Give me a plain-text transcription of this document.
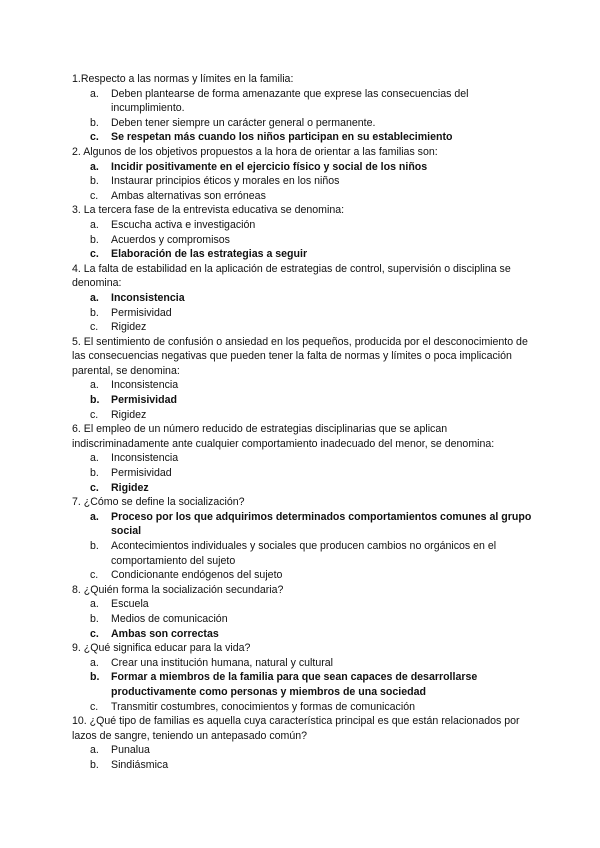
1.Respecto a las normas y límites en la familia:

a. Deben plantearse de forma amenazante que exprese las consecuencias del incumplimiento.
b. Deben tener siempre un carácter general o permanente.
c. Se respetan más cuando los niños participan en su establecimiento

2. Algunos de los objetivos propuestos a la hora de orientar a las familias son:

a. Incidir positivamente en el ejercicio físico y social de los niños
b. Instaurar principios éticos y morales en los niños
c. Ambas alternativas son erróneas

3. La tercera fase de la entrevista educativa se denomina:

a. Escucha activa e investigación
b. Acuerdos y compromisos
c. Elaboración de las estrategias a seguir

4. La falta de estabilidad en la aplicación de estrategias de control, supervisión o disciplina se denomina:

a. Inconsistencia
b. Permisividad
c. Rigidez

5. El sentimiento de confusión o ansiedad en los pequeños, producida por el desconocimiento de las consecuencias negativas que pueden tener la falta de normas y límites o poca implicación parental, se denomina:

a. Inconsistencia
b. Permisividad
c. Rigidez

6. El empleo de un número reducido de estrategias disciplinarias que se aplican indiscriminadamente ante cualquier comportamiento inadecuado del menor, se denomina:

a. Inconsistencia
b. Permisividad
c. Rigidez

7. ¿Cómo se define la socialización?

a. Proceso por los que adquirimos determinados comportamientos comunes al grupo social
b. Acontecimientos individuales y sociales que producen cambios no orgánicos en el comportamiento del sujeto
c. Condicionante endógenos del sujeto

8. ¿Quién forma la socialización secundaria?

a. Escuela
b. Medios de comunicación
c. Ambas son correctas

9. ¿Qué significa educar para la vida?

a. Crear una institución humana, natural y cultural
b. Formar a miembros de la familia para que sean capaces de desarrollarse productivamente como personas y miembros de una sociedad
c. Transmitir costumbres, conocimientos y formas de comunicación

10. ¿Qué tipo de familias es aquella cuya característica principal es que están relacionados por lazos de sangre, teniendo un antepasado común?

a. Punalua
b. Sindiásmica
